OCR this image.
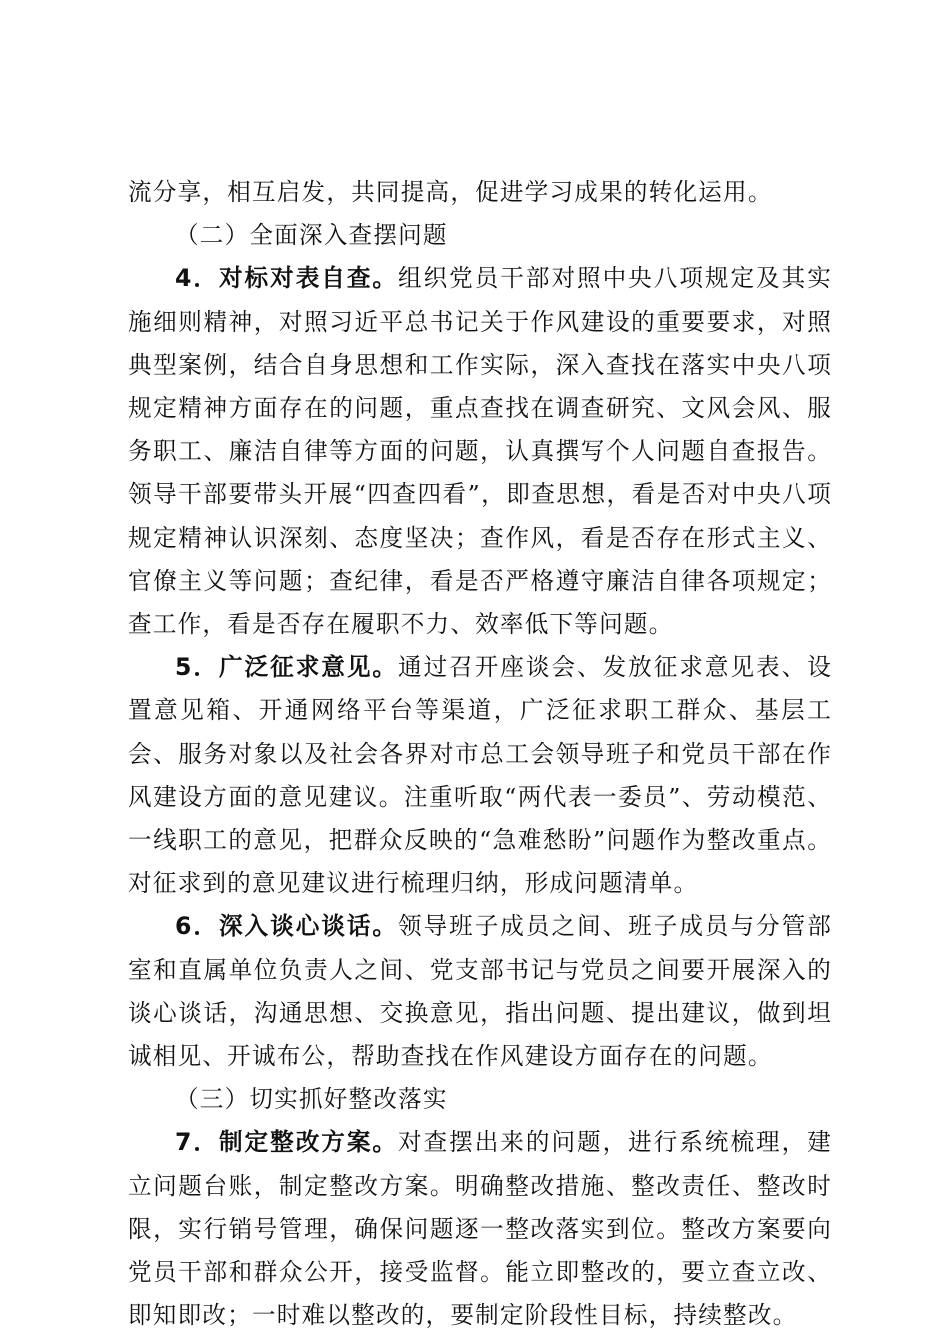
流分享，相互启发，共同提高，促进学习成果的转化运用。

（二）全面深入查摆问题

4．对标对表自查。组织党员干部对照中央八项规定及其实施细则精神，对照习近平总书记关于作风建设的重要要求，对照典型案例，结合自身思想和工作实际，深入查找在落实中央八项规定精神方面存在的问题，重点查找在调查研究、文风会风、服务职工、廉洁自律等方面的问题，认真撰写个人问题自查报告。领导干部要带头开展“四查四看”，即查思想，看是否对中央八项规定精神认识深刻、态度坚决；查作风，看是否存在形式主义、官僚主义等问题；查纪律，看是否严格遵守廉洁自律各项规定；查工作，看是否存在履职不力、效率低下等问题。

5．广泛征求意见。通过召开座谈会、发放征求意见表、设置意见箱、开通网络平台等渠道，广泛征求职工群众、基层工会、服务对象以及社会各界对市总工会领导班子和党员干部在作风建设方面的意见建议。注重听取“两代表一委员”、劳动模范、一线职工的意见，把群众反映的“急难愁盼”问题作为整改重点。对征求到的意见建议进行梳理归纳，形成问题清单。

6．深入谈心谈话。领导班子成员之间、班子成员与分管部室和直属单位负责人之间、党支部书记与党员之间要开展深入的谈心谈话，沟通思想、交换意见，指出问题、提出建议，做到坦诚相见、开诚布公，帮助查找在作风建设方面存在的问题。

（三）切实抓好整改落实

7．制定整改方案。对查摆出来的问题，进行系统梳理，建立问题台账，制定整改方案。明确整改措施、整改责任、整改时限，实行销号管理，确保问题逐一整改落实到位。整改方案要向党员干部和群众公开，接受监督。能立即整改的，要立查立改、即知即改；一时难以整改的，要制定阶段性目标，持续整改。
